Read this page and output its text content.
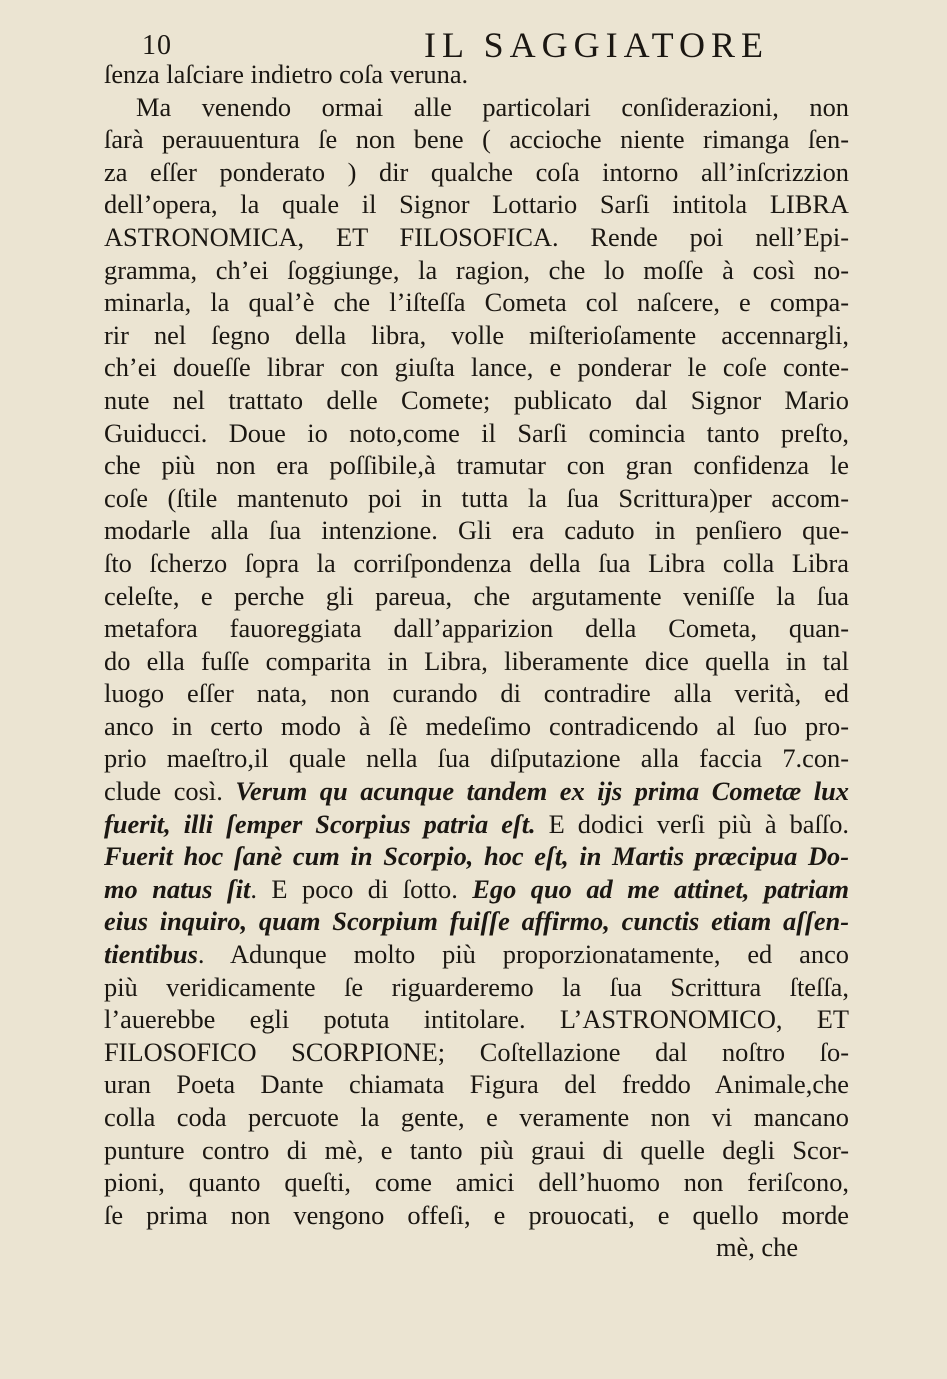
10	IL SAGGIATORE
ſenza laſciare indietro coſa veruna.
Ma venendo ormai alle particolari conſiderazioni, non
ſarà perauuentura ſe non bene ( accioche niente rimanga ſen-
za eſſer ponderato ) dir qualche coſa intorno all’inſcrizzion
dell’opera, la quale il Signor Lottario Sarſi intitola LIBRA
ASTRONOMICA, ET FILOSOFICA. Rende poi nell’Epi-
gramma, ch’ei ſoggiunge, la ragion, che lo moſſe à così no-
minarla, la qual’è che l’iſteſſa Cometa col naſcere, e compa-
rir nel ſegno della libra, volle miſterioſamente accennargli,
ch’ei doueſſe librar con giuſta lance, e ponderar le coſe conte-
nute nel trattato delle Comete; publicato dal Signor Mario
Guiducci. Doue io noto,come il Sarſi comincia tanto preſto,
che più non era poſſibile,à tramutar con gran confidenza le
coſe (ſtile mantenuto poi in tutta la ſua Scrittura)per accom-
modarle alla ſua intenzione. Gli era caduto in penſiero que-
ſto ſcherzo ſopra la corriſpondenza della ſua Libra colla Libra
celeſte, e perche gli pareua, che argutamente veniſſe la ſua
metafora fauoreggiata dall’apparizion della Cometa, quan-
do ella fuſſe comparita in Libra, liberamente dice quella in tal
luogo eſſer nata, non curando di contradire alla verità, ed
anco in certo modo à ſè medeſimo contradicendo al ſuo pro-
prio maeſtro,il quale nella ſua diſputazione alla faccia 7.con-
clude così. Verum qu acunque tandem ex ijs prima Cometæ lux
fuerit, illi ſemper Scorpius patria eſt. E dodici verſi più à baſſo.
Fuerit hoc ſanè cum in Scorpio, hoc eſt, in Martis præcipua Do-
mo natus ſit. E poco di ſotto. Ego quo ad me attinet, patriam
eius inquiro, quam Scorpium fuiſſe affirmo, cunctis etiam aſſen-
tientibus. Adunque molto più proporzionatamente, ed anco
più veridicamente ſe riguarderemo la ſua Scrittura ſteſſa,
l’auerebbe egli potuta intitolare. L’ASTRONOMICO, ET
FILOSOFICO SCORPIONE; Coſtellazione dal noſtro ſo-
uran Poeta Dante chiamata Figura del freddo Animale,che
colla coda percuote la gente, e veramente non vi mancano
punture contro di mè, e tanto più graui di quelle degli Scor-
pioni, quanto queſti, come amici dell’huomo non feriſcono,
ſe prima non vengono offeſi, e prouocati, e quello morde
mè, che
